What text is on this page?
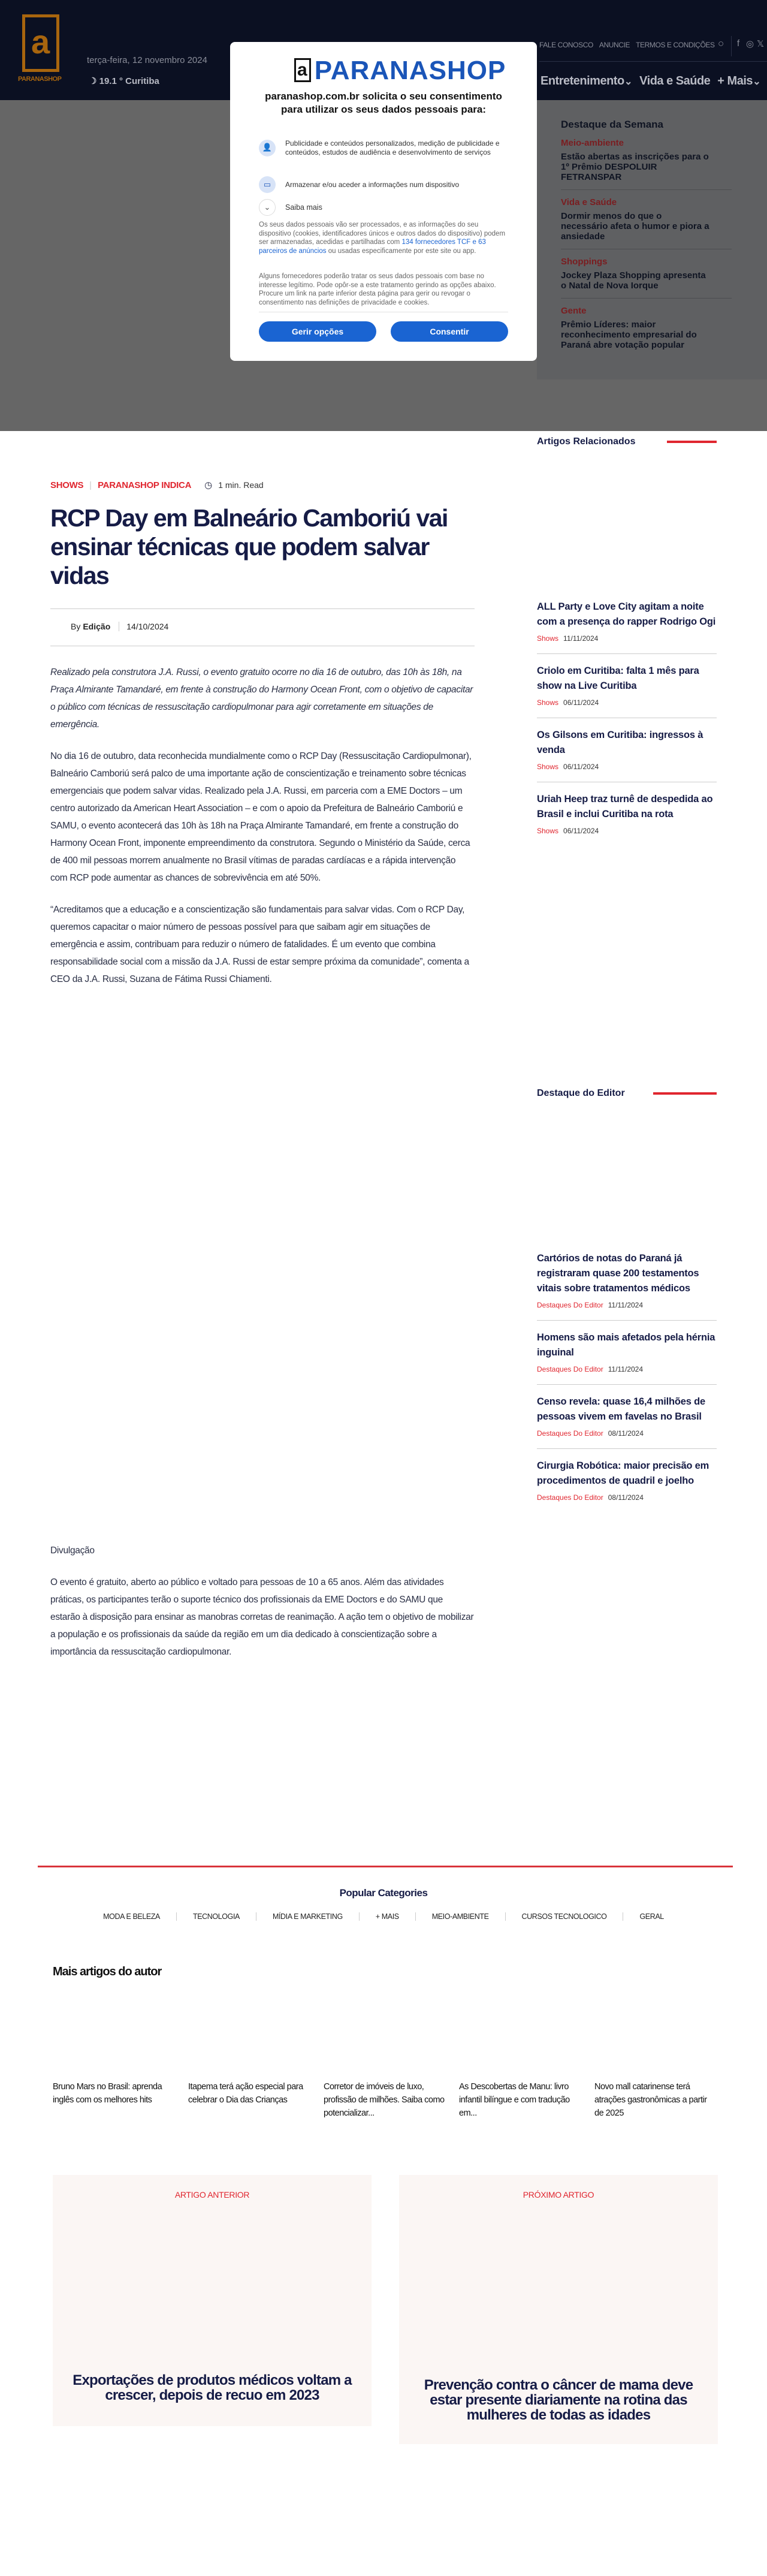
a
PARANASHOP
terça-feira, 12 novembro 2024
☽ 19.1 ° Curitiba
FALE CONOSCO ANUNCIE TERMOS E CONDIÇÕES ○ f ◎ 𝕏
Entretenimento⌄ Vida e Saúde + Mais⌄
Destaque da Semana
Meio-ambiente
Estão abertas as inscrições para o 1º Prêmio DESPOLUIR FETRANSPAR
Vida e Saúde
Dormir menos do que o necessário afeta o humor e piora a ansiedade
Shoppings
Jockey Plaza Shopping apresenta o Natal de Nova Iorque
Gente
Prêmio Líderes: maior reconhecimento empresarial do Paraná abre votação popular
SHOWS | PARANASHOP INDICA ◷ 1 min. Read
RCP Day em Balneário Camboriú vai ensinar técnicas que podem salvar vidas
By Edição	14/10/2024

Realizado pela construtora J.A. Russi, o evento gratuito ocorre no dia 16 de outubro, das 10h às 18h, na Praça Almirante Tamandaré, em frente à construção do Harmony Ocean Front, com o objetivo de capacitar o público com técnicas de ressuscitação cardiopulmonar para agir corretamente em situações de emergência.

No dia 16 de outubro, data reconhecida mundialmente como o RCP Day (Ressuscitação Cardiopulmonar), Balneário Camboriú será palco de uma importante ação de conscientização e treinamento sobre técnicas emergenciais que podem salvar vidas. Realizado pela J.A. Russi, em parceria com a EME Doctors – um centro autorizado da American Heart Association – e com o apoio da Prefeitura de Balneário Camboriú e SAMU, o evento acontecerá das 10h às 18h na Praça Almirante Tamandaré, em frente a construção do Harmony Ocean Front, imponente empreendimento da construtora. Segundo o Ministério da Saúde, cerca de 400 mil pessoas morrem anualmente no Brasil vítimas de paradas cardíacas e a rápida intervenção com RCP pode aumentar as chances de sobrevivência em até 50%.

“Acreditamos que a educação e a conscientização são fundamentais para salvar vidas. Com o RCP Day, queremos capacitar o maior número de pessoas possível para que saibam agir em situações de emergência e assim, contribuam para reduzir o número de fatalidades. É um evento que combina responsabilidade social com a missão da J.A. Russi de estar sempre próxima da comunidade”, comenta a CEO da J.A. Russi, Suzana de Fátima Russi Chiamenti.

Divulgação

O evento é gratuito, aberto ao público e voltado para pessoas de 10 a 65 anos. Além das atividades práticas, os participantes terão o suporte técnico dos profissionais da EME Doctors e do SAMU que estarão à disposição para ensinar as manobras corretas de reanimação. A ação tem o objetivo de mobilizar a população e os profissionais da saúde da região em um dia dedicado à conscientização sobre a importância da ressuscitação cardiopulmonar.

Artigos Relacionados
ALL Party e Love City agitam a noite com a presença do rapper Rodrigo Ogi
Shows 11/11/2024
Criolo em Curitiba: falta 1 mês para show na Live Curitiba
Shows 06/11/2024
Os Gilsons em Curitiba: ingressos à venda
Shows 06/11/2024
Uriah Heep traz turnê de despedida ao Brasil e inclui Curitiba na rota
Shows 06/11/2024
Destaque do Editor
Cartórios de notas do Paraná já registraram quase 200 testamentos vitais sobre tratamentos médicos
Destaques Do Editor 11/11/2024
Homens são mais afetados pela hérnia inguinal
Destaques Do Editor 11/11/2024
Censo revela: quase 16,4 milhões de pessoas vivem em favelas no Brasil
Destaques Do Editor 08/11/2024
Cirurgia Robótica: maior precisão em procedimentos de quadril e joelho
Destaques Do Editor 08/11/2024
Popular Categories
MODA E BELEZA	TECNOLOGIA	MÍDIA E MARKETING	+ MAIS	MEIO-AMBIENTE	CURSOS TECNOLOGICO	GERAL
Mais artigos do autor
Bruno Mars no Brasil: aprenda inglês com os melhores hits
Itapema terá ação especial para celebrar o Dia das Crianças
Corretor de imóveis de luxo, profissão de milhões. Saiba como potencializar...
As Descobertas de Manu: livro infantil bilíngue e com tradução em...
Novo mall catarinense terá atrações gastronômicas a partir de 2025
ARTIGO ANTERIOR
Exportações de produtos médicos voltam a crescer, depois de recuo em 2023
PRÓXIMO ARTIGO
Prevenção contra o câncer de mama deve estar presente diariamente na rotina das mulheres de todas as idades
a PARANASHOP
paranashop.com.br solicita o seu consentimento para utilizar os seus dados pessoais para:
👤	Publicidade e conteúdos personalizados, medição de publicidade e conteúdos, estudos de audiência e desenvolvimento de serviços
▭	Armazenar e/ou aceder a informações num dispositivo
⌄	Saiba mais

Os seus dados pessoais vão ser processados, e as informações do seu dispositivo (cookies, identificadores únicos e outros dados do dispositivo) podem ser armazenadas, acedidas e partilhadas com 134 fornecedores TCF e 63 parceiros de anúncios ou usadas especificamente por este site ou app.

Alguns fornecedores poderão tratar os seus dados pessoais com base no interesse legítimo. Pode opôr-se a este tratamento gerindo as opções abaixo. Procure um link na parte inferior desta página para gerir ou revogar o consentimento nas definições de privacidade e cookies.

Gerir opções	Consentir
